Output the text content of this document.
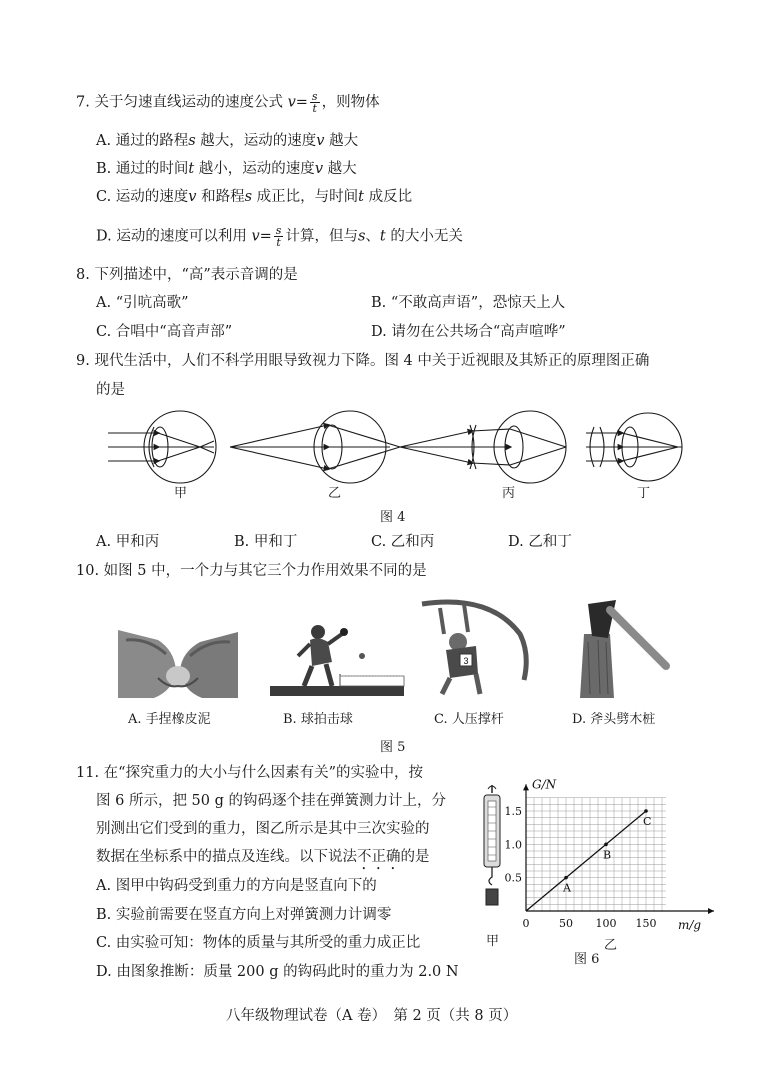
7. 关于匀速直线运动的速度公式 $v= \frac{s}{t}$ ，则物体
A. 通过的路程s 越大，运动的速度v 越大
B. 通过的时间t 越小，运动的速度v 越大
C. 运动的速度v 和路程s 成正比，与时间t 成反比
D. 运动的速度可以利用 $v= \frac{s}{t}$ 计算，但与s、t 的大小无关
8. 下列描述中，“高”表示音调的是
A. “引吭高歌”	B. “不敢高声语”，恐惊天上人
C. 合唱中“高音声部”	D. 请勿在公共场合“高声喧哗”
9. 现代生活中，人们不科学用眼导致视力下降。图 4 中关于近视眼及其矫正的原理图正确
的是
甲	乙	丙	丁
图 4
A. 甲和丙	B. 甲和丁	C. 乙和丙	D. 乙和丁
10. 如图 5 中，一个力与其它三个力作用效果不同的是
3
A. 手捏橡皮泥	B. 球拍击球	C. 人压撑杆	D. 斧头劈木桩
图 5
11. 在“探究重力的大小与什么因素有关”的实验中，按
图 6 所示，把 50 g 的钩码逐个挂在弹簧测力计上，分
别测出它们受到的重力，图乙所示是其中三次实验的
数据在坐标系中的描点及连线。以下说法不正确的是
A. 图甲中钩码受到重力的方向是竖直向下的
B. 实验前需要在竖直方向上对弹簧测力计调零
C. 由实验可知：物体的质量与其所受的重力成正比
D. 由图象推断：质量 200 g 的钩码此时的重力为 2.0 N
甲
G/N
m/g
0	50 100 150
0.5
1.0
1.5
A
B
C
乙
图 6
八年级物理试卷（A 卷）　第 2 页（共 8 页）
